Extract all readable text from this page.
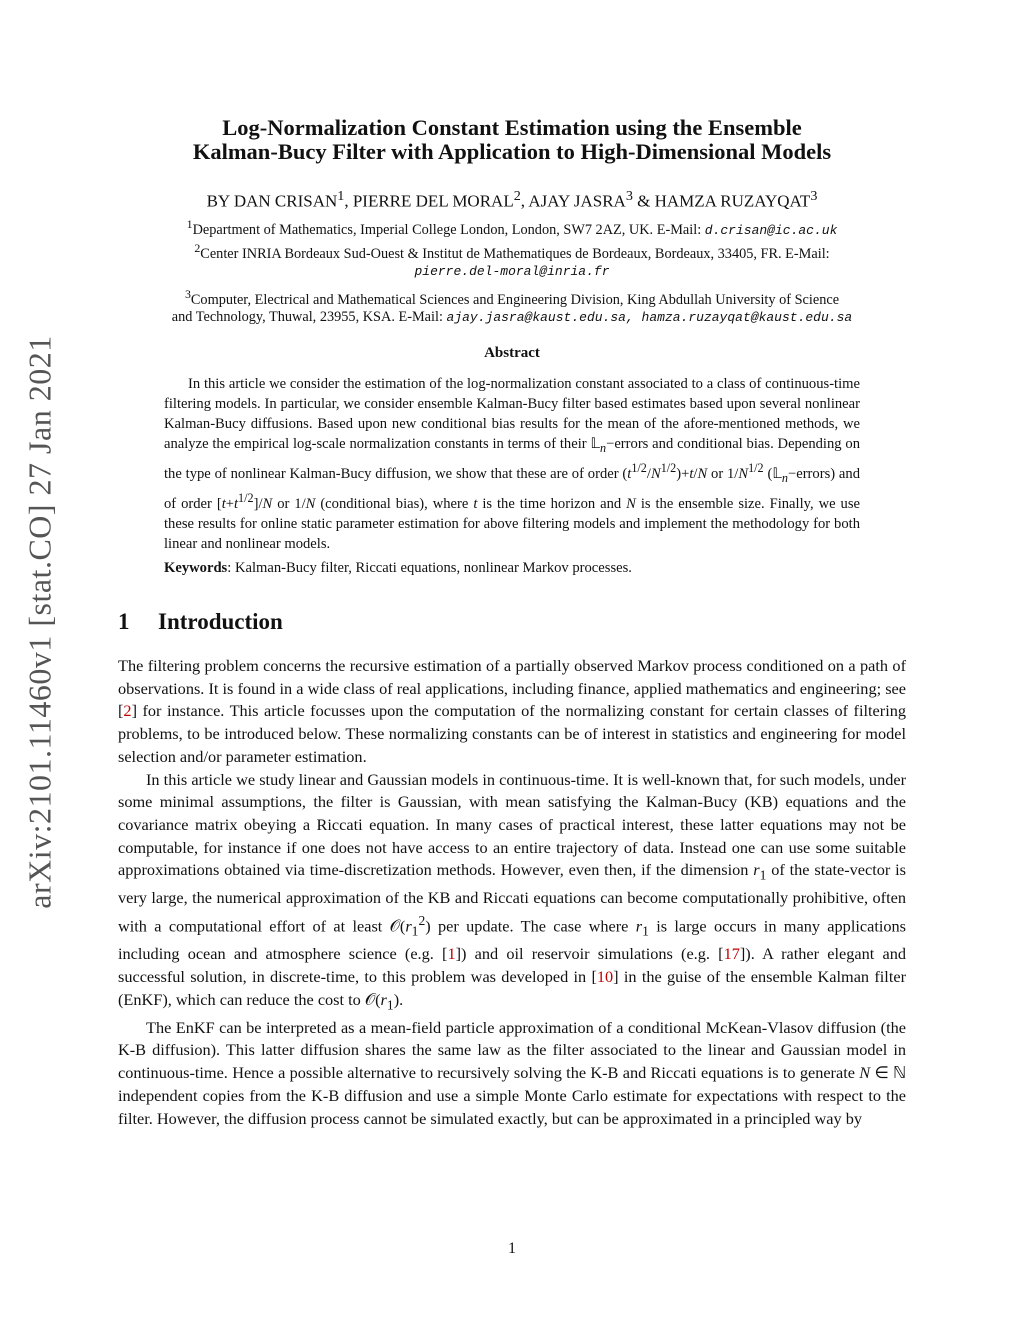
arXiv:2101.11460v1 [stat.CO] 27 Jan 2021
Log-Normalization Constant Estimation using the Ensemble
Kalman-Bucy Filter with Application to High-Dimensional Models
BY DAN CRISAN$^1$, PIERRE DEL MORAL$^2$, AJAY JASRA$^3$ & HAMZA RUZAYQAT$^3$
$^1$Department of Mathematics, Imperial College London, London, SW7 2AZ, UK. E-Mail: d.crisan@ic.ac.uk
$^2$Center INRIA Bordeaux Sud-Ouest & Institut de Mathematiques de Bordeaux, Bordeaux, 33405, FR. E-Mail:
pierre.del-moral@inria.fr
$^3$Computer, Electrical and Mathematical Sciences and Engineering Division, King Abdullah University of Science
and Technology, Thuwal, 23955, KSA. E-Mail: ajay.jasra@kaust.edu.sa, hamza.ruzayqat@kaust.edu.sa
Abstract

In this article we consider the estimation of the log-normalization constant associated to a class of continuous-time filtering models. In particular, we consider ensemble Kalman-Bucy filter based estimates based upon several nonlinear Kalman-Bucy diffusions. Based upon new conditional bias results for the mean of the afore-mentioned methods, we analyze the empirical log-scale normalization constants in terms of their 𝕃$_n$−errors and conditional bias. Depending on the type of nonlinear Kalman-Bucy diffusion, we show that these are of order $(t^{1/2}/N^{1/2})+t/N$ or $1/N^{1/2}$ (𝕃$_n$−errors) and of order $[t+t^{1/2}]/N$ or 1/N (conditional bias), where t is the time horizon and N is the ensemble size. Finally, we use these results for online static parameter estimation for above filtering models and implement the methodology for both linear and nonlinear models.

Keywords: Kalman-Bucy filter, Riccati equations, nonlinear Markov processes.
1 Introduction

The filtering problem concerns the recursive estimation of a partially observed Markov process conditioned on a path of observations. It is found in a wide class of real applications, including finance, applied mathematics and engineering; see [2] for instance. This article focusses upon the computation of the normalizing constant for certain classes of filtering problems, to be introduced below. These normalizing constants can be of interest in statistics and engineering for model selection and/or parameter estimation.

In this article we study linear and Gaussian models in continuous-time. It is well-known that, for such models, under some minimal assumptions, the filter is Gaussian, with mean satisfying the Kalman-Bucy (KB) equations and the covariance matrix obeying a Riccati equation. In many cases of practical interest, these latter equations may not be computable, for instance if one does not have access to an entire trajectory of data. Instead one can use some suitable approximations obtained via time-discretization methods. However, even then, if the dimension $r_1$ of the state-vector is very large, the numerical approximation of the KB and Riccati equations can become computationally prohibitive, often with a computational effort of at least $𝒪(r_1^2)$ per update. The case where $r_1$ is large occurs in many applications including ocean and atmosphere science (e.g. [1]) and oil reservoir simulations (e.g. [17]). A rather elegant and successful solution, in discrete-time, to this problem was developed in [10] in the guise of the ensemble Kalman filter (EnKF), which can reduce the cost to $𝒪(r_1)$.

The EnKF can be interpreted as a mean-field particle approximation of a conditional McKean-Vlasov diffusion (the K-B diffusion). This latter diffusion shares the same law as the filter associated to the linear and Gaussian model in continuous-time. Hence a possible alternative to recursively solving the K-B and Riccati equations is to generate N ∈ ℕ independent copies from the K-B diffusion and use a simple Monte Carlo estimate for expectations with respect to the filter. However, the diffusion process cannot be simulated exactly, but can be approximated in a principled way by

1
